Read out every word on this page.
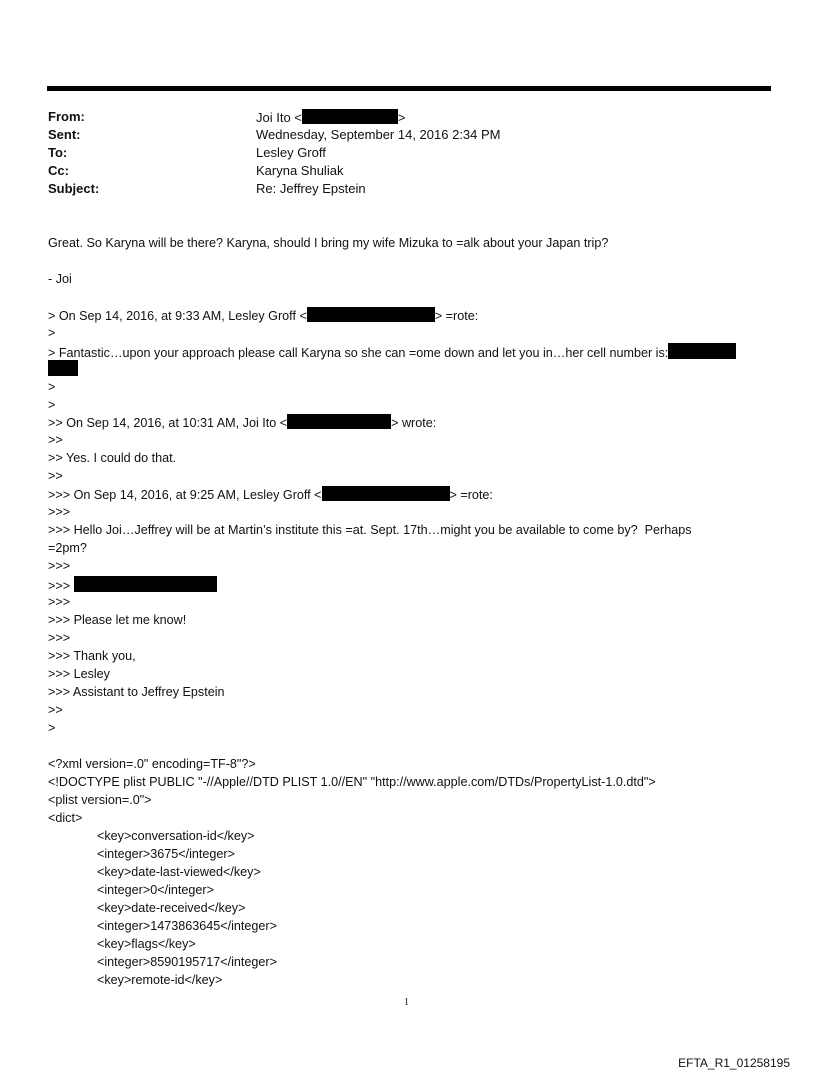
From:	Joi Ito <	>
Sent:	Wednesday, September 14, 2016 2:34 PM
To:	Lesley Groff
Cc:	Karyna Shuliak
Subject:	Re: Jeffrey Epstein
Great. So Karyna will be there? Karyna, should I bring my wife Mizuka to =alk about your Japan trip?
- Joi
> On Sep 14, 2016, at 9:33 AM, Lesley Groff <	> =rote:
>
> Fantastic…upon your approach please call Karyna so she can =ome down and let you in…her cell number is:
>
>
>> On Sep 14, 2016, at 10:31 AM, Joi Ito <	> wrote:
>>
>> Yes. I could do that.
>>
>>> On Sep 14, 2016, at 9:25 AM, Lesley Groff <	> =rote:
>>>
>>> Hello Joi…Jeffrey will be at Martin’s institute this =at. Sept. 17th…might you be available to come by?  Perhaps
=2pm?
>>>
>>>
>>>
>>> Please let me know!
>>>
>>> Thank you,
>>> Lesley
>>> Assistant to Jeffrey Epstein
>>
>
<?xml version=.0" encoding=TF-8"?>
<!DOCTYPE plist PUBLIC "-//Apple//DTD PLIST 1.0//EN" "http://www.apple.com/DTDs/PropertyList-1.0.dtd">
<plist version=.0">
<dict>
<key>conversation-id</key>
<integer>3675</integer>
<key>date-last-viewed</key>
<integer>0</integer>
<key>date-received</key>
<integer>1473863645</integer>
<key>flags</key>
<integer>8590195717</integer>
<key>remote-id</key>
1
EFTA_R1_01258195
